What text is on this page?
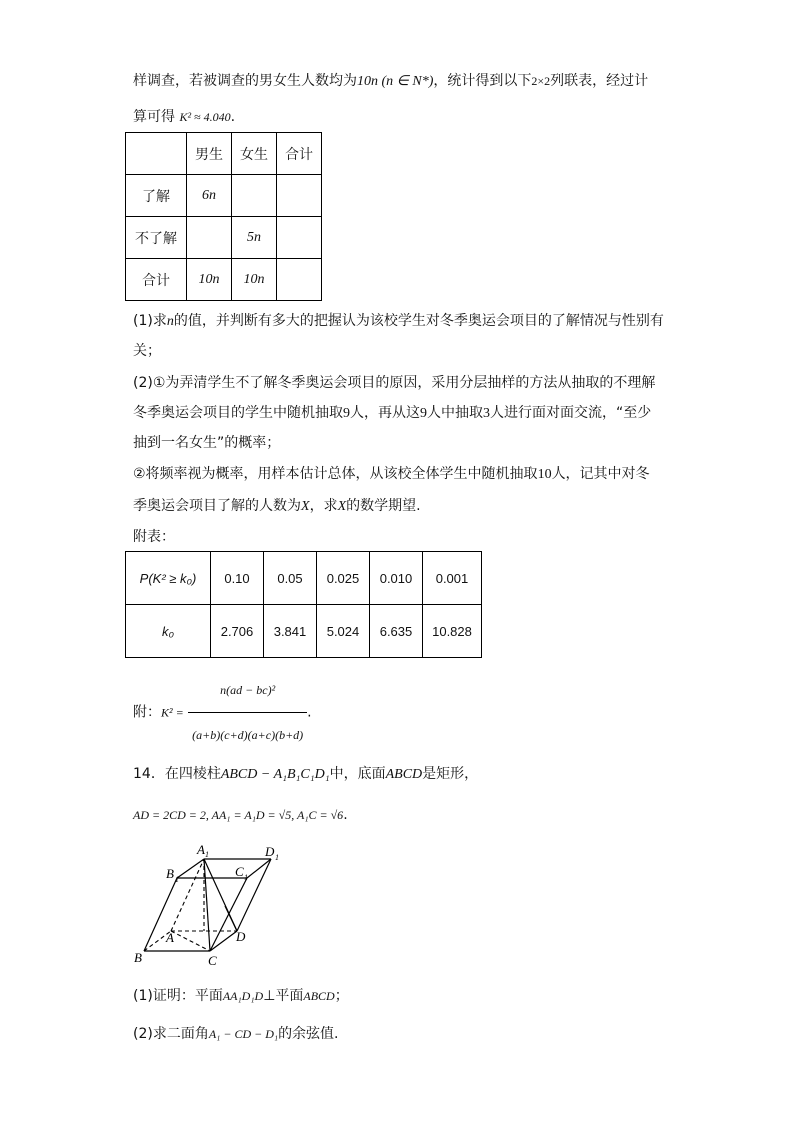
样调查，若被调查的男女生人数均为10n (n ∈ N*)，统计得到以下2×2列联表，经过计
算可得 K² ≈ 4.040.
	男生	女生	合计
了解	6n		
不了解		5n	
合计	10n	10n	
(1)求n的值，并判断有多大的把握认为该校学生对冬季奥运会项目的了解情况与性别有
关；
(2)①为弄清学生不了解冬季奥运会项目的原因，采用分层抽样的方法从抽取的不理解
冬季奥运会项目的学生中随机抽取9人，再从这9人中抽取3人进行面对面交流，“至少
抽到一名女生”的概率；
②将频率视为概率，用样本估计总体，从该校全体学生中随机抽取10人，记其中对冬
季奥运会项目了解的人数为X，求X的数学期望.
附表：
P(K² ≥ k₀)	0.10	0.05	0.025	0.010	0.001
k₀	2.706	3.841	5.024	6.635	10.828
附：$K^2 = \frac{\text{n(ad − bc)²}}{(a+b)(c+d)(a+c)(b+d)}$ .
14．在四棱柱ABCD − A₁B₁C₁D₁中，底面ABCD是矩形，
AD = 2CD = 2, AA₁ = A₁D = √5, A₁C = √6.
A 1	D 1
B 1
C 1
A	D
B	C
(1)证明：平面AA₁D₁D⊥平面ABCD；
(2)求二面角A₁ − CD − D₁的余弦值.
